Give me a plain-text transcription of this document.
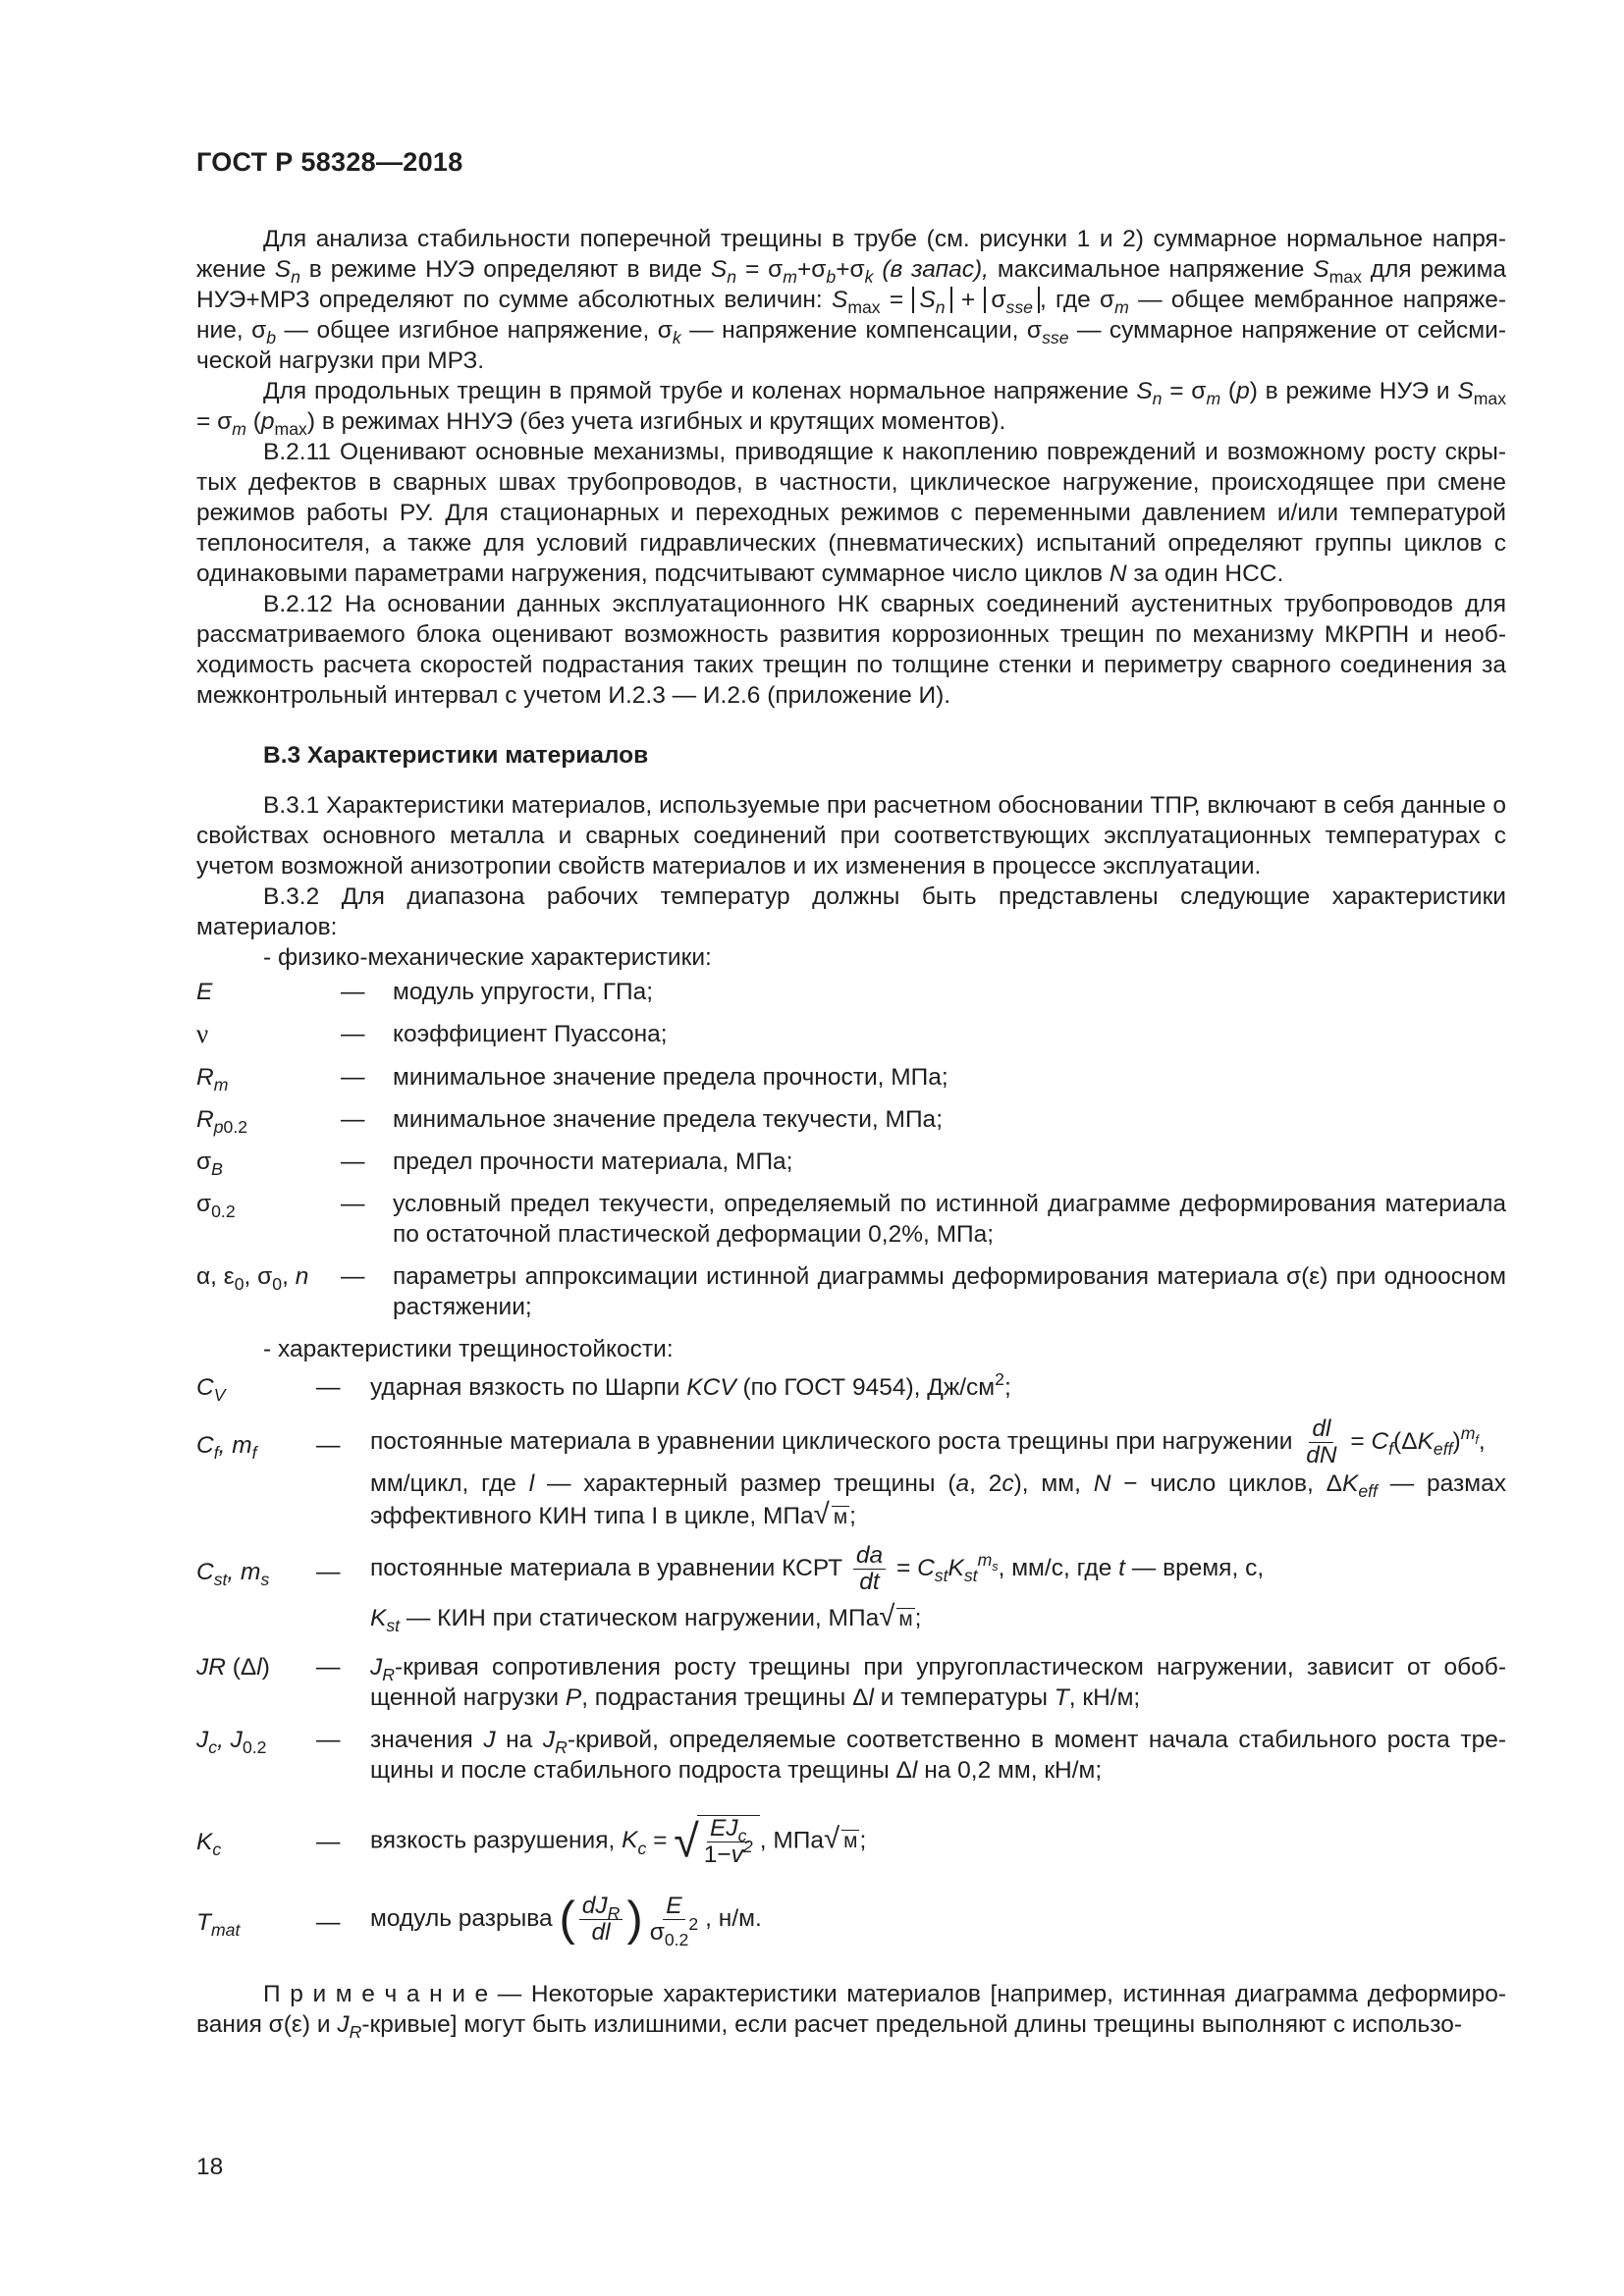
ГОСТ Р 58328—2018

Для анализа стабильности поперечной трещины в трубе (см. рисунки 1 и 2) суммарное нормальное напряжение $S_n$ в режиме НУЭ определяют в виде $S_n = \sigma_m+\sigma_b+\sigma_k$ (в запас), максимальное напряжение $S_{max}$ для режима НУЭ+МРЗ определяют по сумме абсолютных величин: $S_{max} = S_n + \sigma_{sse}$ , где $\sigma_m$ — общее мембранное напряжение, $\sigma_b$ — общее изгибное напряжение, $\sigma_k$ — напряжение компенсации, $\sigma_{sse}$ — суммарное напряжение от сейсмической нагрузки при МРЗ.

Для продольных трещин в прямой трубе и коленах нормальное напряжение $S_n = \sigma_m$ (p) в режиме НУЭ и $S_{max} = \sigma_m$ $(p_{max})$ в режимах ННУЭ (без учета изгибных и крутящих моментов).

В.2.11 Оценивают основные механизмы, приводящие к накоплению повреждений и возможному росту скрытых дефектов в сварных швах трубопроводов, в частности, циклическое нагружение, происходящее при смене режимов работы РУ. Для стационарных и переходных режимов с переменными давлением и/или температурой теплоносителя, а также для условий гидравлических (пневматических) испытаний определяют группы циклов с одинаковыми параметрами нагружения, подсчитывают суммарное число циклов N за один НСС.

В.2.12 На основании данных эксплуатационного НК сварных соединений аустенитных трубопроводов для рассматриваемого блока оценивают возможность развития коррозионных трещин по механизму МКРПН и необходимость расчета скоростей подрастания таких трещин по толщине стенки и периметру сварного соединения за межконтрольный интервал с учетом И.2.3 — И.2.6 (приложение И).

В.3 Характеристики материалов

В.3.1 Характеристики материалов, используемые при расчетном обосновании ТПР, включают в себя данные о свойствах основного металла и сварных соединений при соответствующих эксплуатационных температурах с учетом возможной анизотропии свойств материалов и их изменения в процессе эксплуатации.

В.3.2 Для диапазона рабочих температур должны быть представлены следующие характеристики материалов:

- физико-механические характеристики:
E	—	модуль упругости, ГПа;
ν	—	коэффициент Пуассона;
$R_m$	—	минимальное значение предела прочности, МПа;
$R_{p0.2}$	—	минимальное значение предела текучести, МПа;
$\sigma_B$	—	предел прочности материала, МПа;
$\sigma_{0.2}$	—	условный предел текучести, определяемый по истинной диаграмме деформирования материала по остаточной пластической деформации 0,2%, МПа;
α, $\varepsilon_0$, $\sigma_0$, n	—	параметры аппроксимации истинной диаграммы деформирования материала σ(ε) при одноосном растяжении;
- характеристики трещиностойкости:
$C_V$	—	ударная вязкость по Шарпи KCV (по ГОСТ 9454), $Дж/см^2$;
$C_f$, $m_f$	—	постоянные материала в уравнении циклического роста трещины при нагружении $\frac{dl}{dN} = C_f(\Delta K_{eff})^{m_f}$,
мм/цикл, где l — характерный размер трещины (a, 2c), мм, N − число циклов, $\Delta K_{eff}$ — размах эффективного КИН типа I в цикле, МПа√ м;
$C_{st}$, $m_s$	—	постоянные материала в уравнении КСРТ $\frac{da}{dt} = C_{st}K_{st}^{m_s}$, мм/с, где t — время, с,
$K_{st}$ — КИН при статическом нагружении, МПа√ м;
JR (Δl)	—	$J_R$-кривая сопротивления росту трещины при упругопластическом нагружении, зависит от обобщенной нагрузки P, подрастания трещины Δl и температуры T, кН/м;
$J_c$, $J_{0.2}$	—	значения J на $J_R$-кривой, определяемые соответственно в момент начала стабильного роста трещины и после стабильного подроста трещины Δl на 0,2 мм, кН/м;
$K_c$	—	вязкость разрушения, $K_c$ = √ $\frac{EJ_c}{1-v^2}$ , МПа√ м;
$T_{mat}$	—	модуль разрыва ( $\frac{dJ_R}{dl}$ ) $\frac{E}{\sigma_{0.2}^2}$ , н/м.

П р и м е ч а н и е — Некоторые характеристики материалов [например, истинная диаграмма деформирования σ(ε) и $J_R-кривые$] могут быть излишними, если расчет предельной длины трещины выполняют с использо-

18
